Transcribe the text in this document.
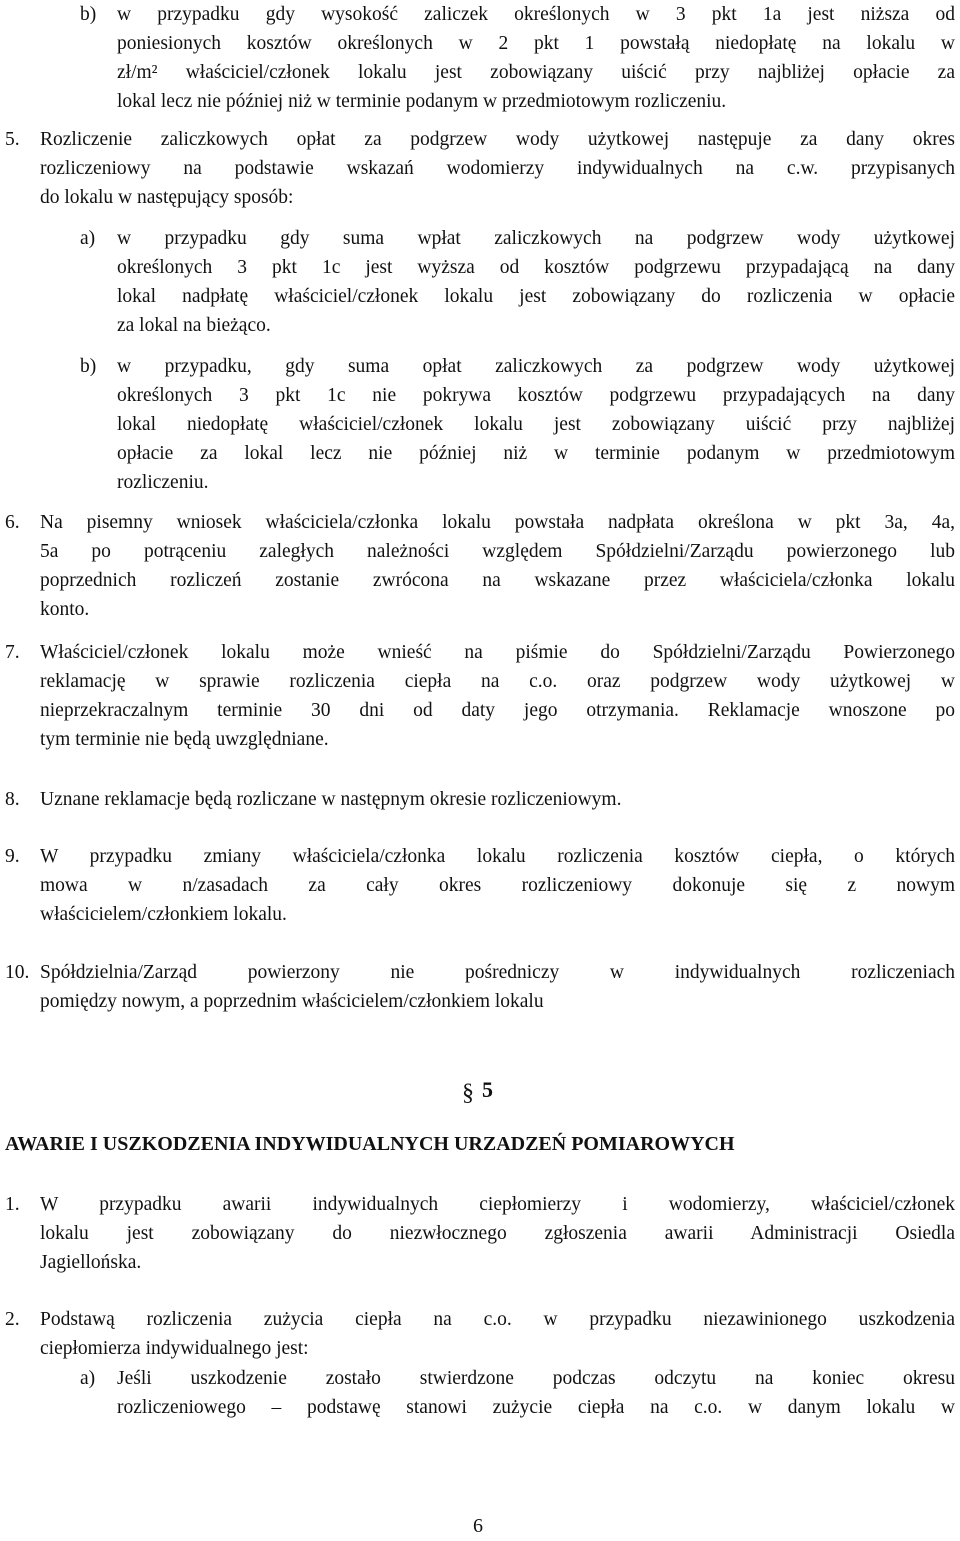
b) w przypadku gdy wysokość zaliczek określonych w 3 pkt 1a jest niższa od
poniesionych kosztów określonych w 2 pkt 1 powstałą niedopłatę na lokalu w
zł/m² właściciel/członek lokalu jest zobowiązany uiścić przy najbliżej opłacie za
lokal lecz nie później niż w terminie podanym w przedmiotowym rozliczeniu.
5. Rozliczenie zaliczkowych opłat za podgrzew wody użytkowej następuje za dany okres
rozliczeniowy na podstawie wskazań wodomierzy indywidualnych na c.w. przypisanych
do lokalu w następujący sposób:
a) w przypadku gdy suma wpłat zaliczkowych na podgrzew wody użytkowej
określonych 3 pkt 1c jest wyższa od kosztów podgrzewu przypadającą na dany
lokal nadpłatę właściciel/członek lokalu jest zobowiązany do rozliczenia w opłacie
za lokal na bieżąco.
b) w przypadku, gdy suma opłat zaliczkowych za podgrzew wody użytkowej
określonych 3 pkt 1c nie pokrywa kosztów podgrzewu przypadających na dany
lokal niedopłatę właściciel/członek lokalu jest zobowiązany uiścić przy najbliżej
opłacie za lokal lecz nie później niż w terminie podanym w przedmiotowym
rozliczeniu.
6. Na pisemny wniosek właściciela/członka lokalu powstała nadpłata określona w pkt 3a, 4a,
5a po potrąceniu zaległych należności względem Spółdzielni/Zarządu powierzonego lub
poprzednich rozliczeń zostanie zwrócona na wskazane przez właściciela/członka lokalu
konto.
7. Właściciel/członek lokalu może wnieść na piśmie do Spółdzielni/Zarządu Powierzonego
reklamację w sprawie rozliczenia ciepła na c.o. oraz podgrzew wody użytkowej w
nieprzekraczalnym terminie 30 dni od daty jego otrzymania. Reklamacje wnoszone po
tym terminie nie będą uwzględniane.
8. Uznane reklamacje będą rozliczane w następnym okresie rozliczeniowym.
9. W przypadku zmiany właściciela/członka lokalu rozliczenia kosztów ciepła, o których
mowa w n/zasadach za cały okres rozliczeniowy dokonuje się z nowym
właścicielem/członkiem lokalu.
10. Spółdzielnia/Zarząd powierzony nie pośredniczy w indywidualnych rozliczeniach
pomiędzy nowym, a poprzednim właścicielem/członkiem lokalu
§ 5
AWARIE I USZKODZENIA INDYWIDUALNYCH URZADZEŃ POMIAROWYCH
1. W przypadku awarii indywidualnych ciepłomierzy i wodomierzy, właściciel/członek
lokalu jest zobowiązany do niezwłocznego zgłoszenia awarii Administracji Osiedla
Jagiellońska.
2. Podstawą rozliczenia zużycia ciepła na c.o. w przypadku niezawinionego uszkodzenia
ciepłomierza indywidualnego jest:
a) Jeśli uszkodzenie zostało stwierdzone podczas odczytu na koniec okresu
rozliczeniowego – podstawę stanowi zużycie ciepła na c.o. w danym lokalu w
6
